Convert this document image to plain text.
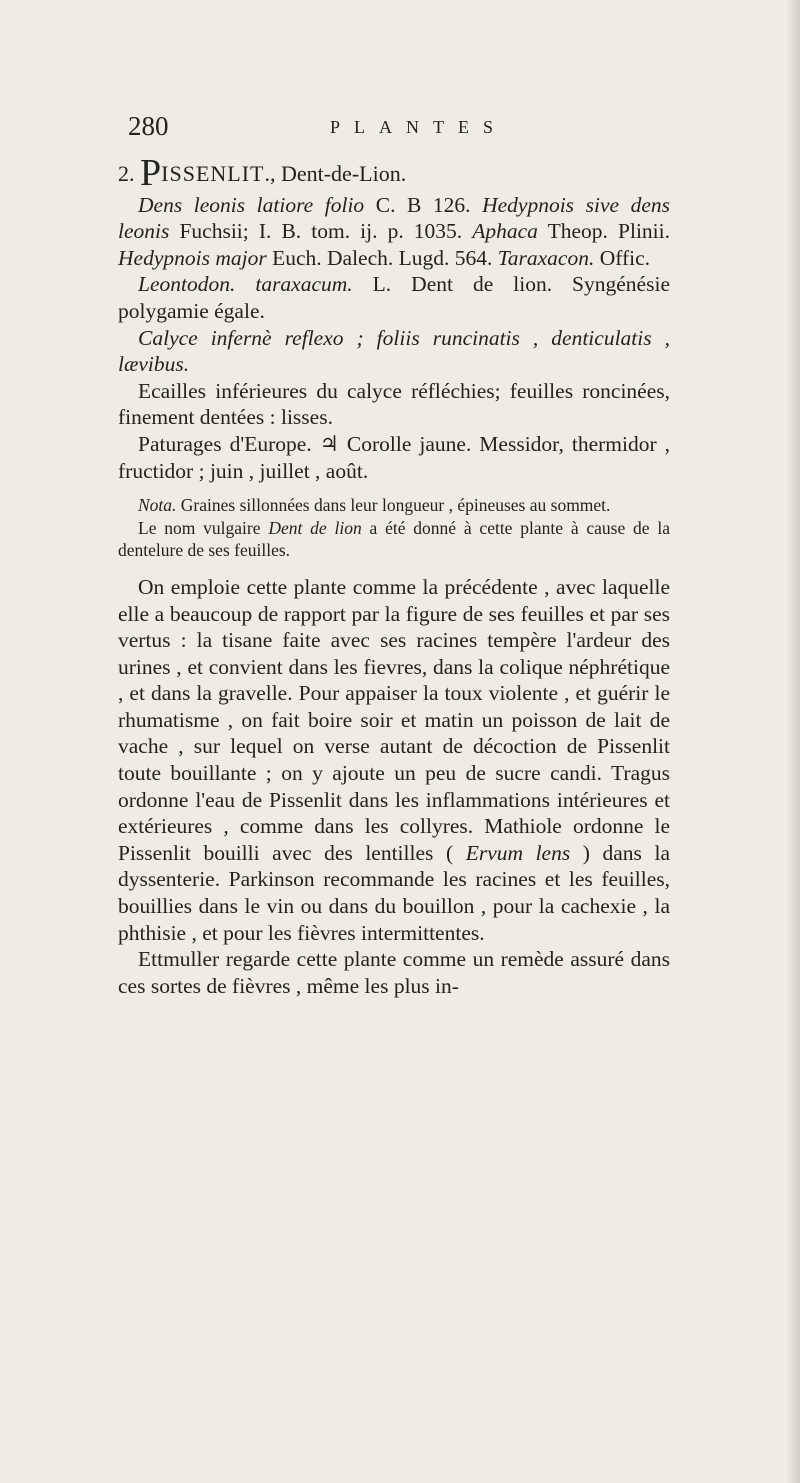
280	PLANTES

2. PISSENLIT., Dent-de-Lion.

Dens leonis latiore folio C. B 126. Hedypnois sive dens leonis Fuchsii; I. B. tom. ij. p. 1035. Aphaca Theop. Plinii. Hedypnois major Euch. Dalech. Lugd. 564. Taraxacon. Offic.

Leontodon. taraxacum. L. Dent de lion. Syngénésie polygamie égale.

Calyce infernè reflexo ; foliis runcinatis , denticulatis , lævibus.

Ecailles inférieures du calyce réfléchies; feuilles roncinées, finement dentées : lisses.

Paturages d'Europe. ♃ Corolle jaune. Messidor, thermidor , fructidor ; juin , juillet , août.

Nota. Graines sillonnées dans leur longueur , épineuses au sommet.

Le nom vulgaire Dent de lion a été donné à cette plante à cause de la dentelure de ses feuilles.

On emploie cette plante comme la précédente , avec laquelle elle a beaucoup de rapport par la figure de ses feuilles et par ses vertus : la tisane faite avec ses racines tempère l'ardeur des urines , et convient dans les fievres, dans la colique néphrétique , et dans la gravelle. Pour appaiser la toux violente , et guérir le rhumatisme , on fait boire soir et matin un poisson de lait de vache , sur lequel on verse autant de décoction de Pissenlit toute bouillante ; on y ajoute un peu de sucre candi. Tragus ordonne l'eau de Pissenlit dans les inflammations intérieures et extérieures , comme dans les collyres. Mathiole ordonne le Pissenlit bouilli avec des lentilles ( Ervum lens ) dans la dyssenterie. Parkinson recommande les racines et les feuilles, bouillies dans le vin ou dans du bouillon , pour la cachexie , la phthisie , et pour les fièvres intermittentes.

Ettmuller regarde cette plante comme un remède assuré dans ces sortes de fièvres , même les plus in-
